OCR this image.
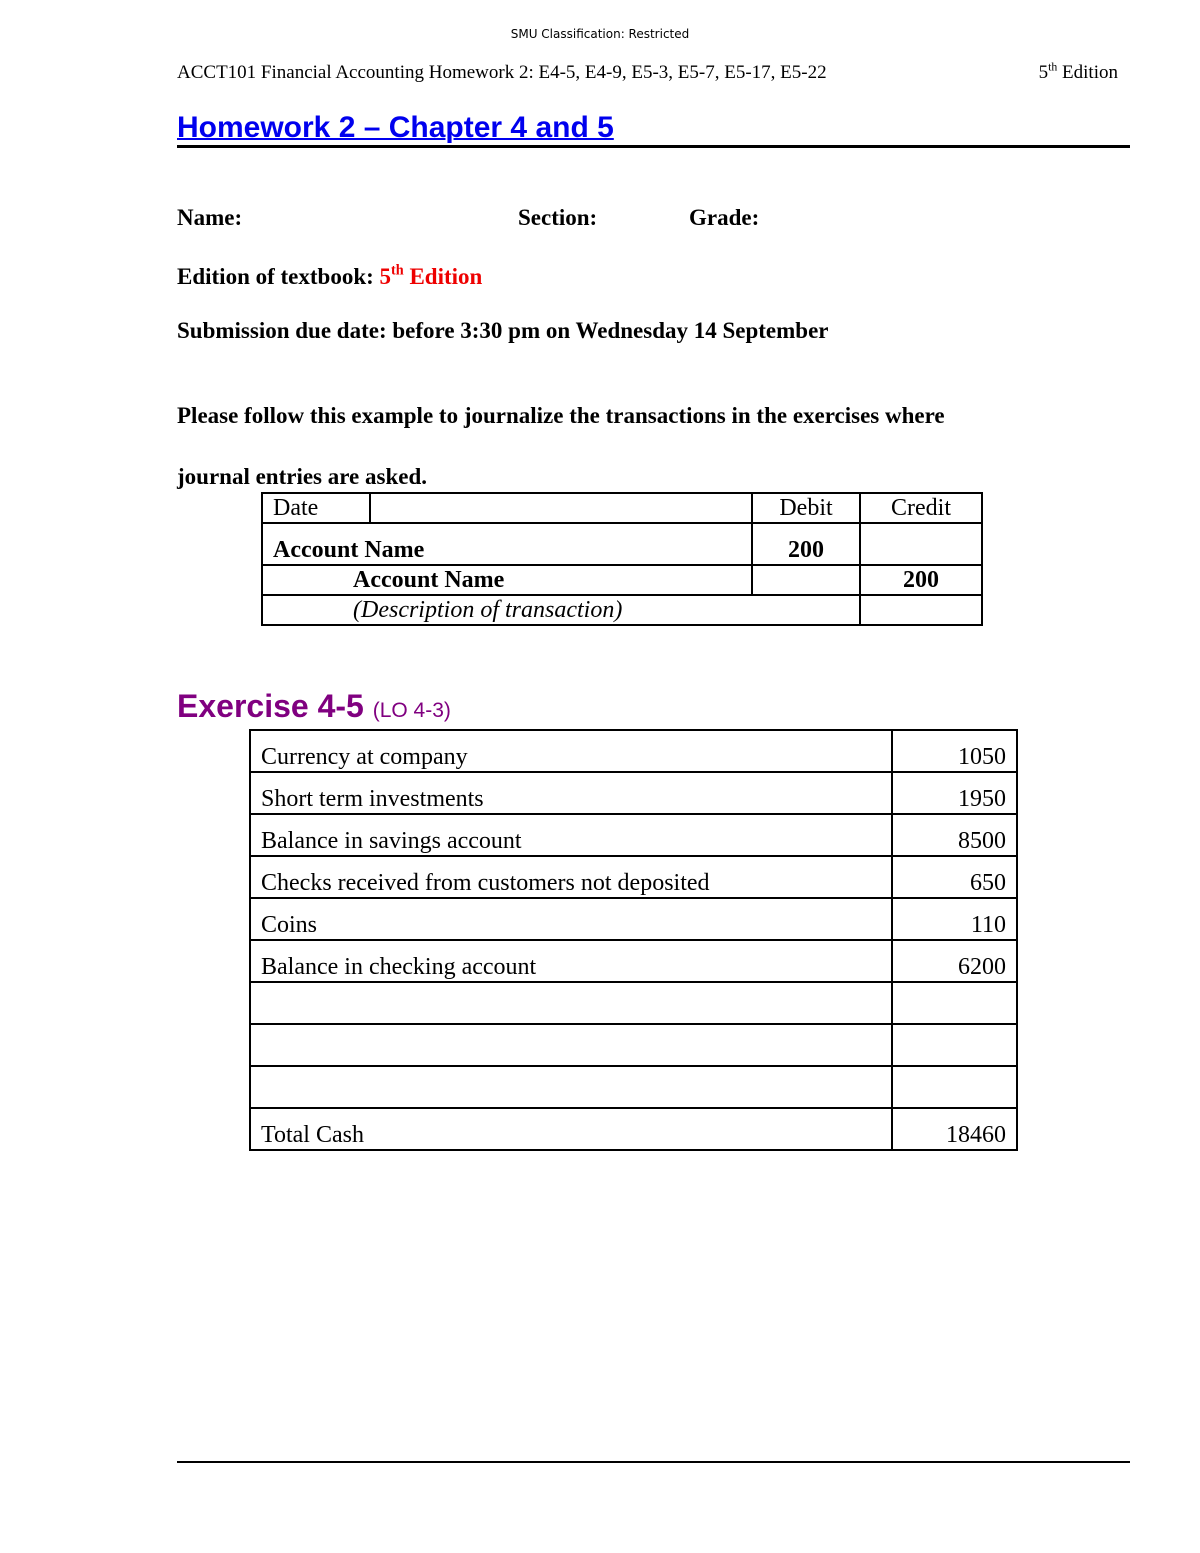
SMU Classification: Restricted
ACCT101 Financial Accounting Homework 2: E4-5, E4-9, E5-3, E5-7, E5-17, E5-22	5th Edition
Homework 2 – Chapter 4 and 5
Name:	Section:	Grade:
Edition of textbook: 5th Edition
Submission due date: before 3:30 pm on Wednesday 14 September
Please follow this example to journalize the transactions in the exercises where
journal entries are asked.
Date		Debit	Credit
Account Name		200	
Account Name			200
(Description of transaction)			
Exercise 4-5 (LO 4-3)
Currency at company	1050
Short term investments	1950
Balance in savings account	8500
Checks received from customers not deposited	650
Coins	110
Balance in checking account	6200

Total Cash	18460
